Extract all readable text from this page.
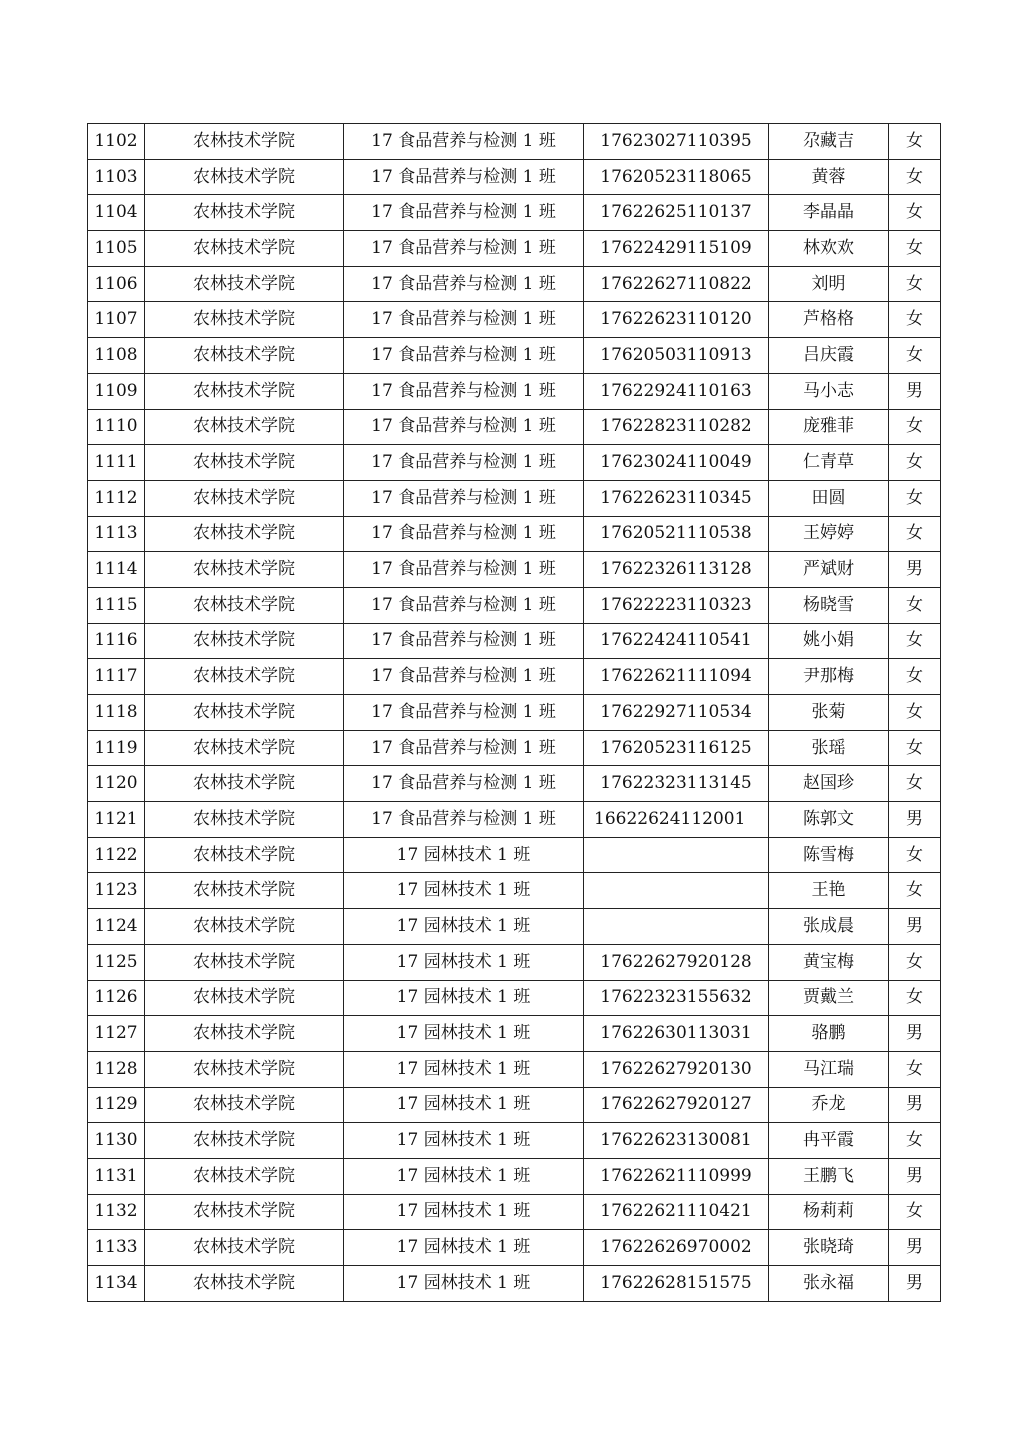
1102	农林技术学院	17 食品营养与检测 1 班	17623027110395	尕藏吉	女
1103	农林技术学院	17 食品营养与检测 1 班	17620523118065	黄蓉	女
1104	农林技术学院	17 食品营养与检测 1 班	17622625110137	李晶晶	女
1105	农林技术学院	17 食品营养与检测 1 班	17622429115109	林欢欢	女
1106	农林技术学院	17 食品营养与检测 1 班	17622627110822	刘明	女
1107	农林技术学院	17 食品营养与检测 1 班	17622623110120	芦格格	女
1108	农林技术学院	17 食品营养与检测 1 班	17620503110913	吕庆霞	女
1109	农林技术学院	17 食品营养与检测 1 班	17622924110163	马小志	男
1110	农林技术学院	17 食品营养与检测 1 班	17622823110282	庞雅菲	女
1111	农林技术学院	17 食品营养与检测 1 班	17623024110049	仁青草	女
1112	农林技术学院	17 食品营养与检测 1 班	17622623110345	田圆	女
1113	农林技术学院	17 食品营养与检测 1 班	17620521110538	王婷婷	女
1114	农林技术学院	17 食品营养与检测 1 班	17622326113128	严斌财	男
1115	农林技术学院	17 食品营养与检测 1 班	17622223110323	杨晓雪	女
1116	农林技术学院	17 食品营养与检测 1 班	17622424110541	姚小娟	女
1117	农林技术学院	17 食品营养与检测 1 班	17622621111094	尹那梅	女
1118	农林技术学院	17 食品营养与检测 1 班	17622927110534	张菊	女
1119	农林技术学院	17 食品营养与检测 1 班	17620523116125	张瑶	女
1120	农林技术学院	17 食品营养与检测 1 班	17622323113145	赵国珍	女
1121	农林技术学院	17 食品营养与检测 1 班	16622624112001	陈郭文	男
1122	农林技术学院	17 园林技术 1 班		陈雪梅	女
1123	农林技术学院	17 园林技术 1 班		王艳	女
1124	农林技术学院	17 园林技术 1 班		张成晨	男
1125	农林技术学院	17 园林技术 1 班	17622627920128	黄宝梅	女
1126	农林技术学院	17 园林技术 1 班	17622323155632	贾戴兰	女
1127	农林技术学院	17 园林技术 1 班	17622630113031	骆鹏	男
1128	农林技术学院	17 园林技术 1 班	17622627920130	马江瑞	女
1129	农林技术学院	17 园林技术 1 班	17622627920127	乔龙	男
1130	农林技术学院	17 园林技术 1 班	17622623130081	冉平霞	女
1131	农林技术学院	17 园林技术 1 班	17622621110999	王鹏飞	男
1132	农林技术学院	17 园林技术 1 班	17622621110421	杨莉莉	女
1133	农林技术学院	17 园林技术 1 班	17622626970002	张晓琦	男
1134	农林技术学院	17 园林技术 1 班	17622628151575	张永福	男
